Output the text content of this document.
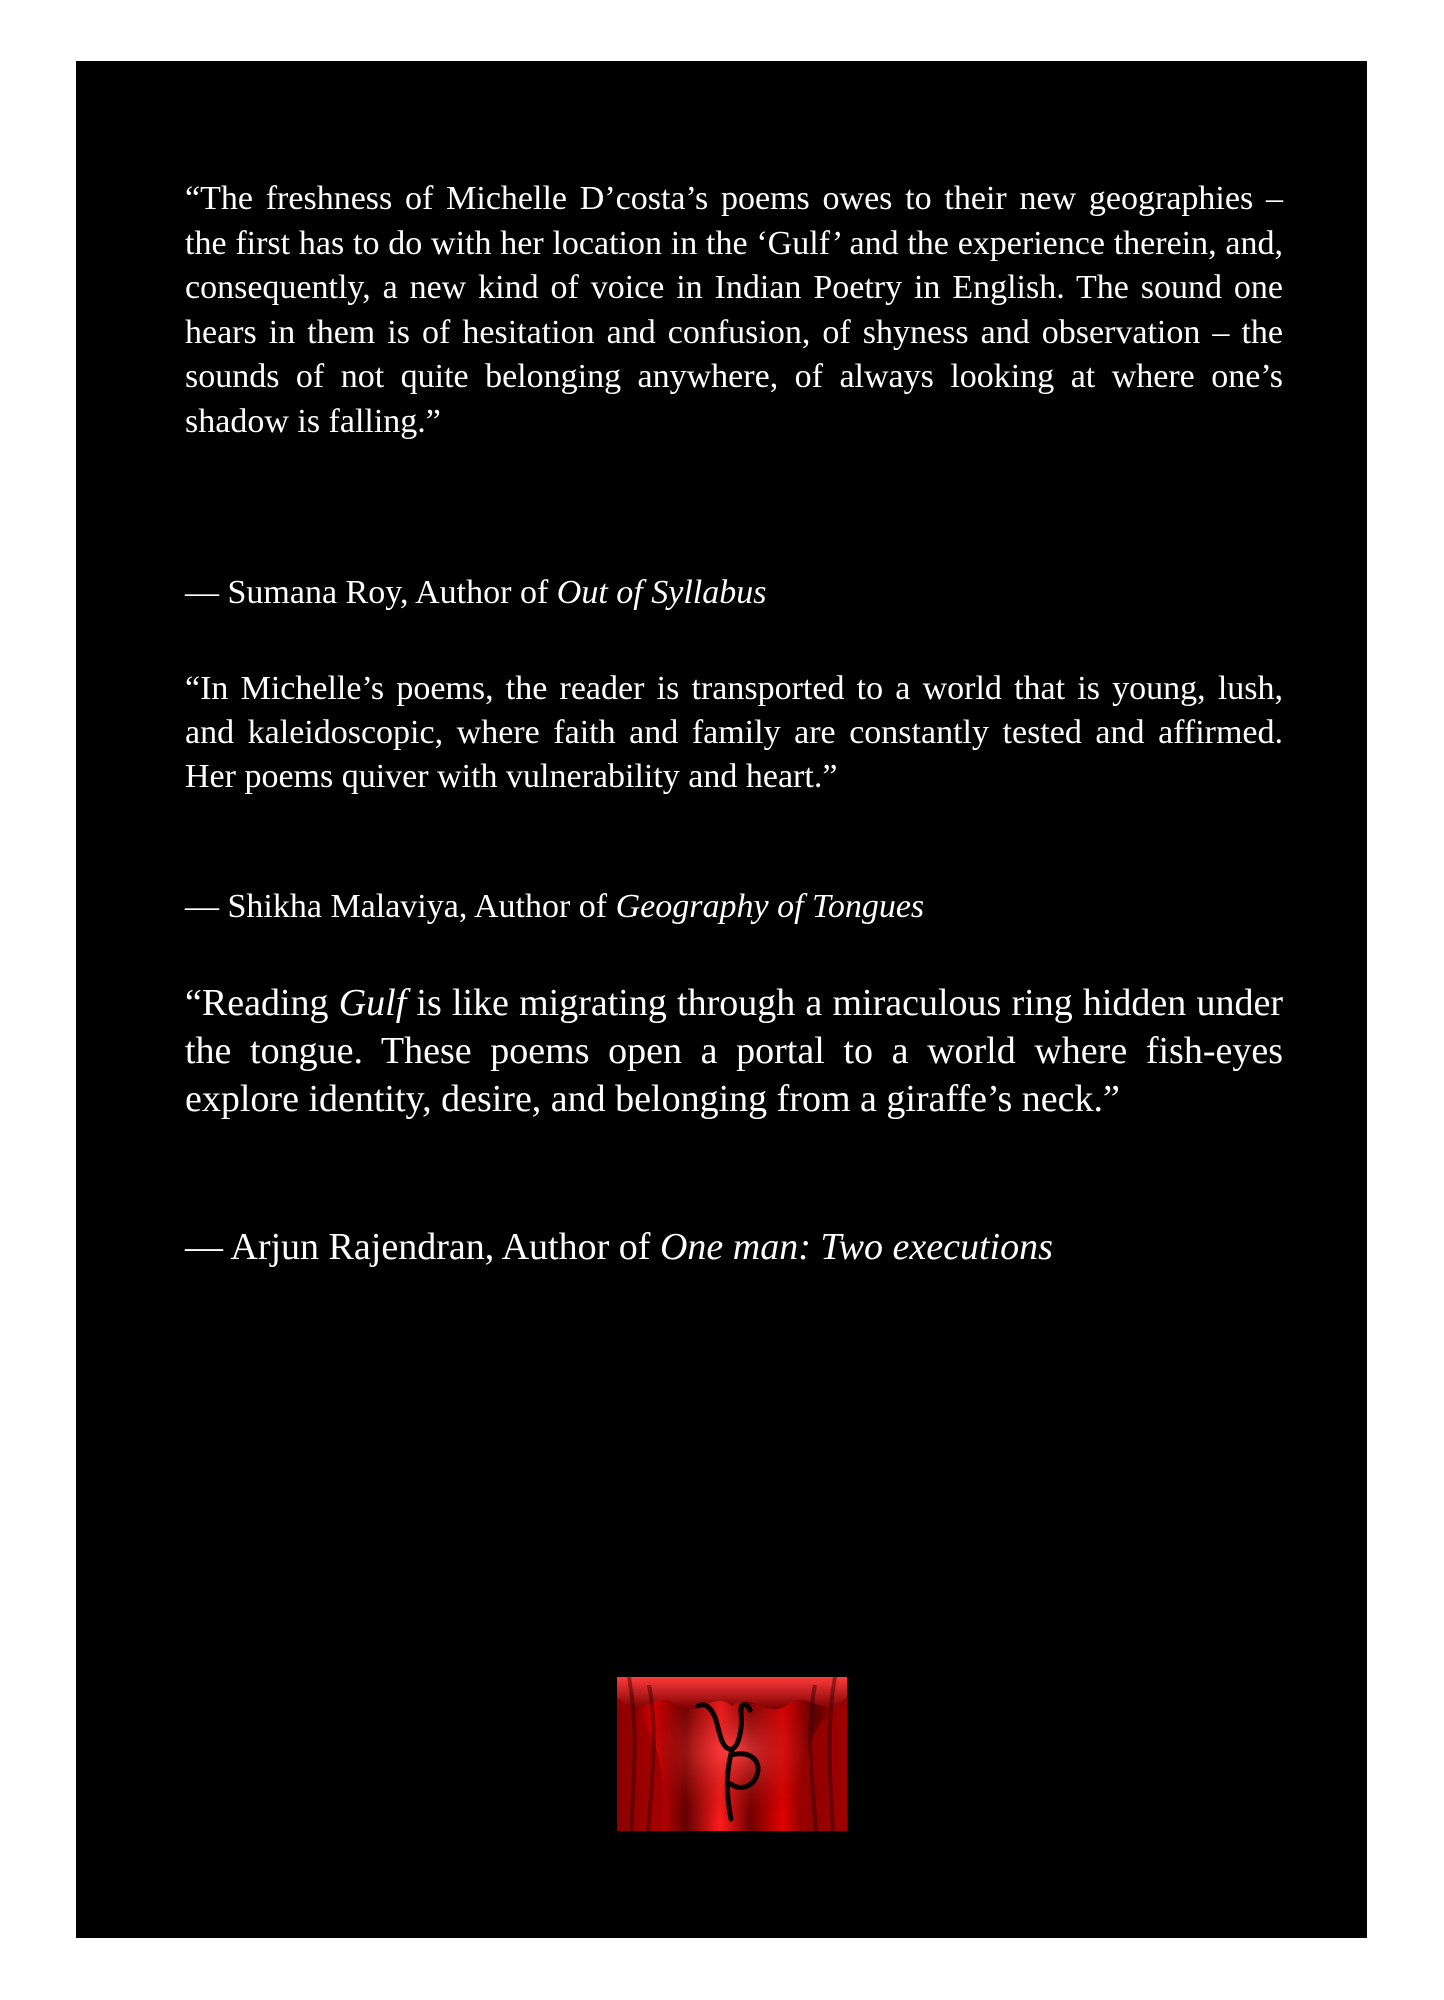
“The freshness of Michelle D’costa’s poems owes to their new geographies – the first has to do with her location in the ‘Gulf’ and the experience therein, and, consequently, a new kind of voice in Indian Poetry in English. The sound one hears in them is of hesitation and confusion, of shyness and observation – the sounds of not quite belonging anywhere, of always looking at where one’s shadow is falling.”

— Sumana Roy, Author of Out of Syllabus

“In Michelle’s poems, the reader is transported to a world that is young, lush, and kaleidoscopic, where faith and family are constantly tested and affirmed. Her poems quiver with vulnerability and heart.”

— Shikha Malaviya, Author of Geography of Tongues

“Reading Gulf is like migrating through a miraculous ring hidden under the tongue. These poems open a portal to a world where fish-eyes explore identity, desire, and belonging from a giraffe’s neck.”

— Arjun Rajendran, Author of One man: Two executions
